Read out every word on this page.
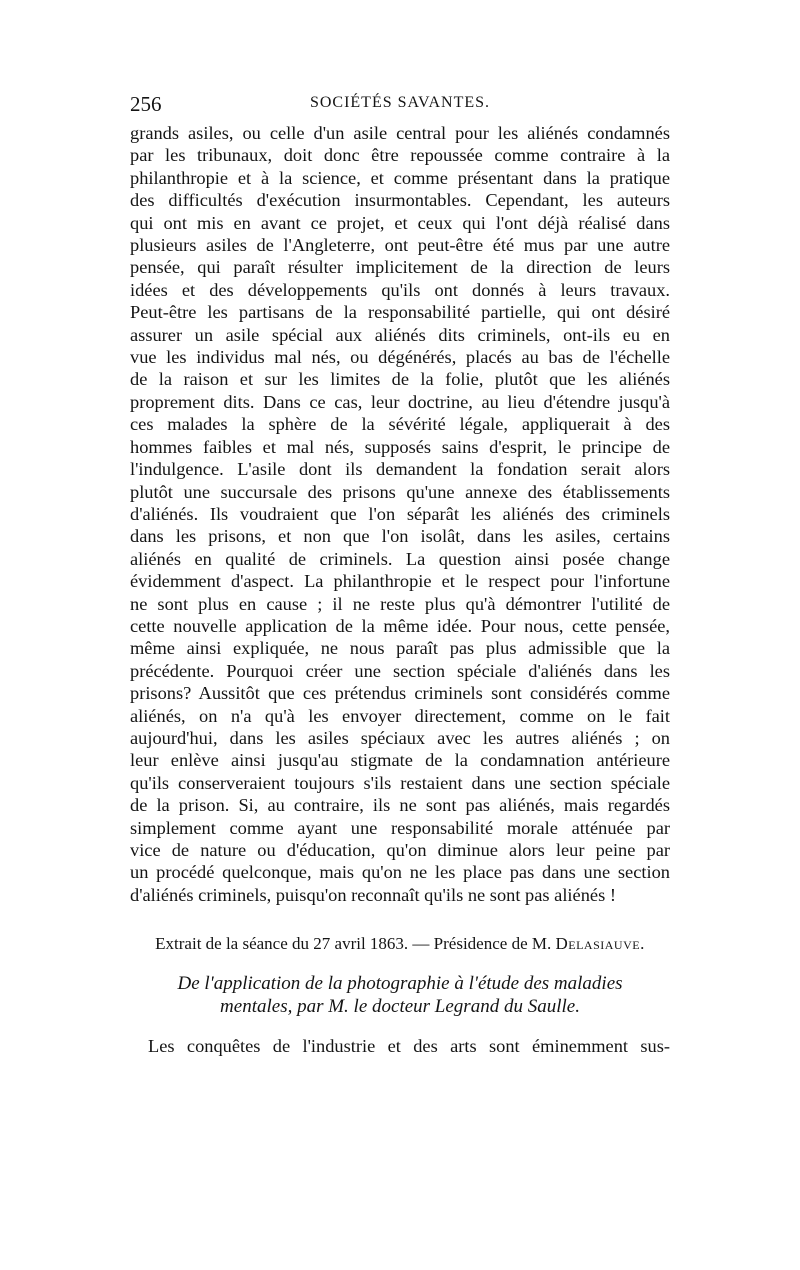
256	SOCIÉTÉS SAVANTES.

grands asiles, ou celle d'un asile central pour les aliénés condamnés
par les tribunaux, doit donc être repoussée comme contraire à la
philanthropie et à la science, et comme présentant dans la pratique
des difficultés d'exécution insurmontables. Cependant, les auteurs
qui ont mis en avant ce projet, et ceux qui l'ont déjà réalisé dans
plusieurs asiles de l'Angleterre, ont peut-être été mus par une autre
pensée, qui paraît résulter implicitement de la direction de leurs
idées et des développements qu'ils ont donnés à leurs travaux.
Peut-être les partisans de la responsabilité partielle, qui ont désiré
assurer un asile spécial aux aliénés dits criminels, ont-ils eu en
vue les individus mal nés, ou dégénérés, placés au bas de l'échelle
de la raison et sur les limites de la folie, plutôt que les aliénés
proprement dits. Dans ce cas, leur doctrine, au lieu d'étendre jusqu'à
ces malades la sphère de la sévérité légale, appliquerait à des
hommes faibles et mal nés, supposés sains d'esprit, le principe de
l'indulgence. L'asile dont ils demandent la fondation serait alors
plutôt une succursale des prisons qu'une annexe des établissements
d'aliénés. Ils voudraient que l'on séparât les aliénés des criminels
dans les prisons, et non que l'on isolât, dans les asiles, certains
aliénés en qualité de criminels. La question ainsi posée change
évidemment d'aspect. La philanthropie et le respect pour l'infortune
ne sont plus en cause ; il ne reste plus qu'à démontrer l'utilité de
cette nouvelle application de la même idée. Pour nous, cette pensée,
même ainsi expliquée, ne nous paraît pas plus admissible que la
précédente. Pourquoi créer une section spéciale d'aliénés dans les
prisons? Aussitôt que ces prétendus criminels sont considérés comme
aliénés, on n'a qu'à les envoyer directement, comme on le fait
aujourd'hui, dans les asiles spéciaux avec les autres aliénés ; on
leur enlève ainsi jusqu'au stigmate de la condamnation antérieure
qu'ils conserveraient toujours s'ils restaient dans une section spéciale
de la prison. Si, au contraire, ils ne sont pas aliénés, mais regardés
simplement comme ayant une responsabilité morale atténuée par
vice de nature ou d'éducation, qu'on diminue alors leur peine par
un procédé quelconque, mais qu'on ne les place pas dans une section
d'aliénés criminels, puisqu'on reconnaît qu'ils ne sont pas aliénés !

Extrait de la séance du 27 avril 1863. — Présidence de M. Delasiauve.
De l'application de la photographie à l'étude des maladies
mentales, par M. le docteur Legrand du Saulle.
Les conquêtes de l'industrie et des arts sont éminemment sus-
